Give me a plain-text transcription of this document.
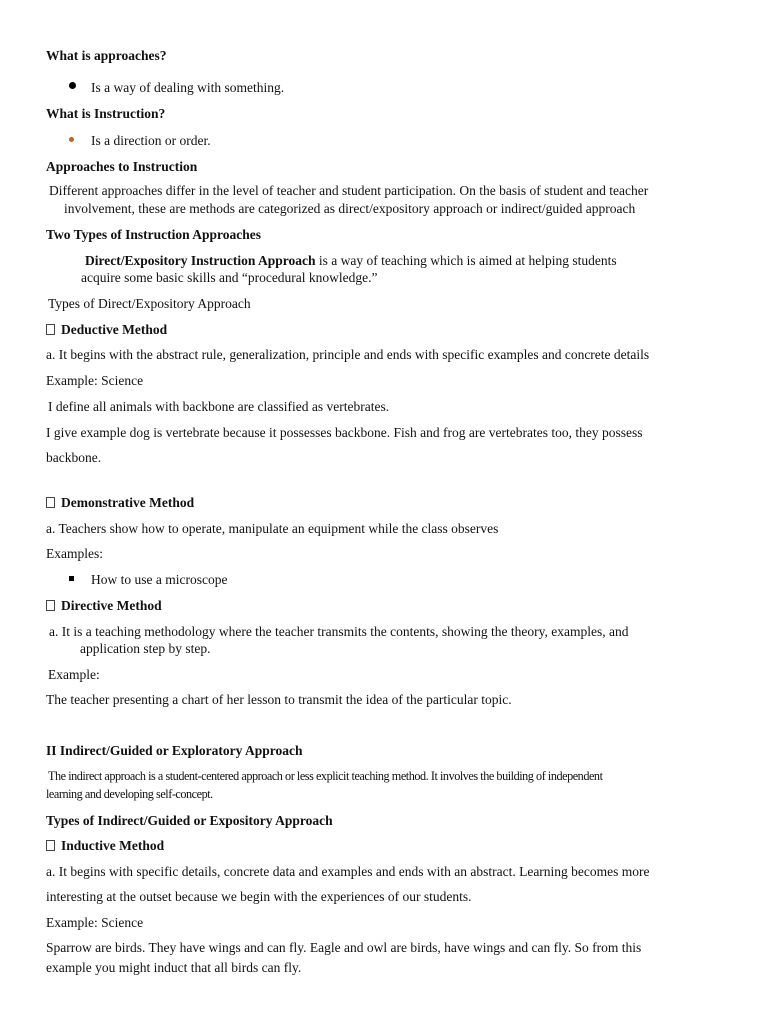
What is approaches?
Is a way of dealing with something.
What is Instruction?
Is a direction or order.
Approaches to Instruction
Different approaches differ in the level of teacher and student participation. On the basis of student and teacher
involvement, these are methods are categorized as direct/expository approach or indirect/guided approach
Two Types of Instruction Approaches
Direct/Expository Instruction Approach is a way of teaching which is aimed at helping students
acquire some basic skills and “procedural knowledge.”
Types of Direct/Expository Approach
Deductive Method
a. It begins with the abstract rule, generalization, principle and ends with specific examples and concrete details
Example: Science
I define all animals with backbone are classified as vertebrates.
I give example dog is vertebrate because it possesses backbone. Fish and frog are vertebrates too, they possess
backbone.
Demonstrative Method
a. Teachers show how to operate, manipulate an equipment while the class observes
Examples:
How to use a microscope
Directive Method
a. It is a teaching methodology where the teacher transmits the contents, showing the theory, examples, and
application step by step.
Example:
The teacher presenting a chart of her lesson to transmit the idea of the particular topic.
II Indirect/Guided or Exploratory Approach
The indirect approach is a student-centered approach or less explicit teaching method. It involves the building of independent
learning and developing self-concept.
Types of Indirect/Guided or Expository Approach
Inductive Method
a. It begins with specific details, concrete data and examples and ends with an abstract. Learning becomes more
interesting at the outset because we begin with the experiences of our students.
Example: Science
Sparrow are birds. They have wings and can fly. Eagle and owl are birds, have wings and can fly. So from this
example you might induct that all birds can fly.
